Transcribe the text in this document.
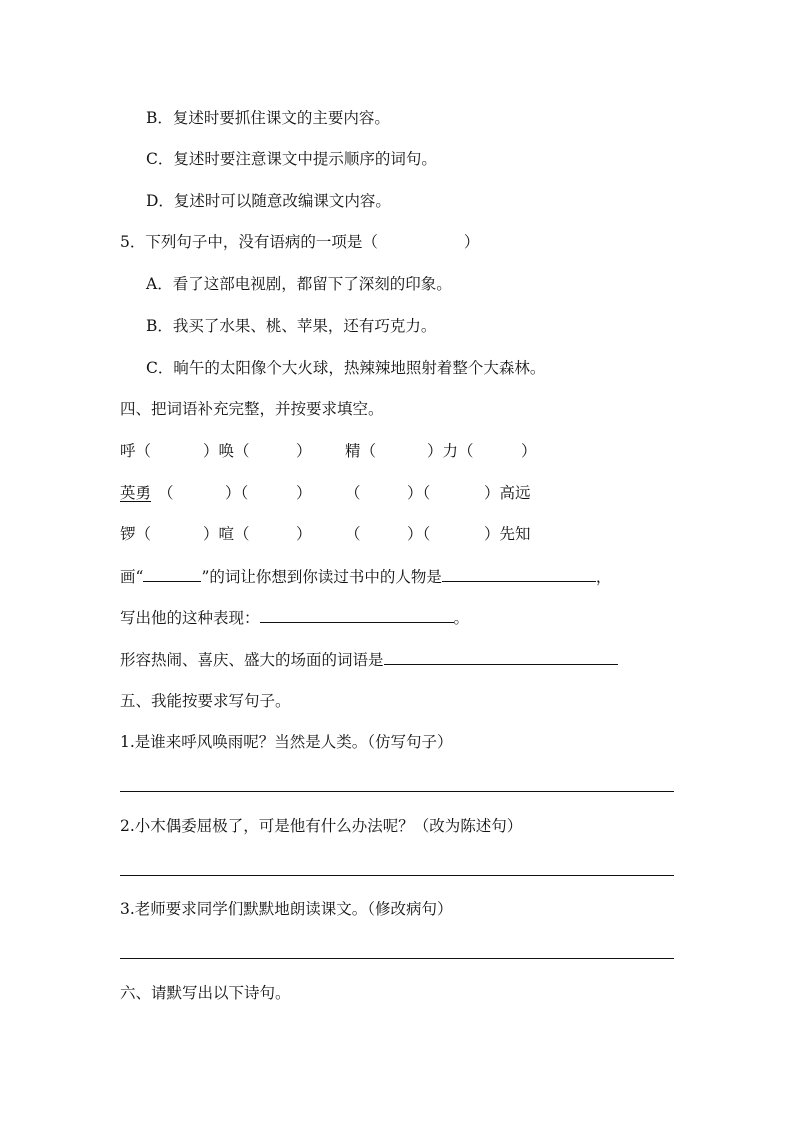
B．复述时要抓住课文的主要内容。
C．复述时要注意课文中提示顺序的词句。
D．复述时可以随意改编课文内容。
5．下列句子中，没有语病的一项是（	）
A．看了这部电视剧，都留下了深刻的印象。
B．我买了水果、桃、苹果，还有巧克力。
C．晌午的太阳像个大火球，热辣辣地照射着整个大森林。
四、把词语补充完整，并按要求填空。
呼（	）唤（	） 精（	）力（	）
英勇 （	）（	） （	）（	）高远
锣（	）喧（	） （	）（	）先知
画“	”的词让你想到你读过书中的人物是	，
写出他的这种表现：	。
形容热闹、喜庆、盛大的场面的词语是
五、我能按要求写句子。
1.是谁来呼风唤雨呢？当然是人类。（仿写句子）
2.小木偶委屈极了，可是他有什么办法呢？（改为陈述句）
3.老师要求同学们默默地朗读课文。（修改病句）
六、请默写出以下诗句。
